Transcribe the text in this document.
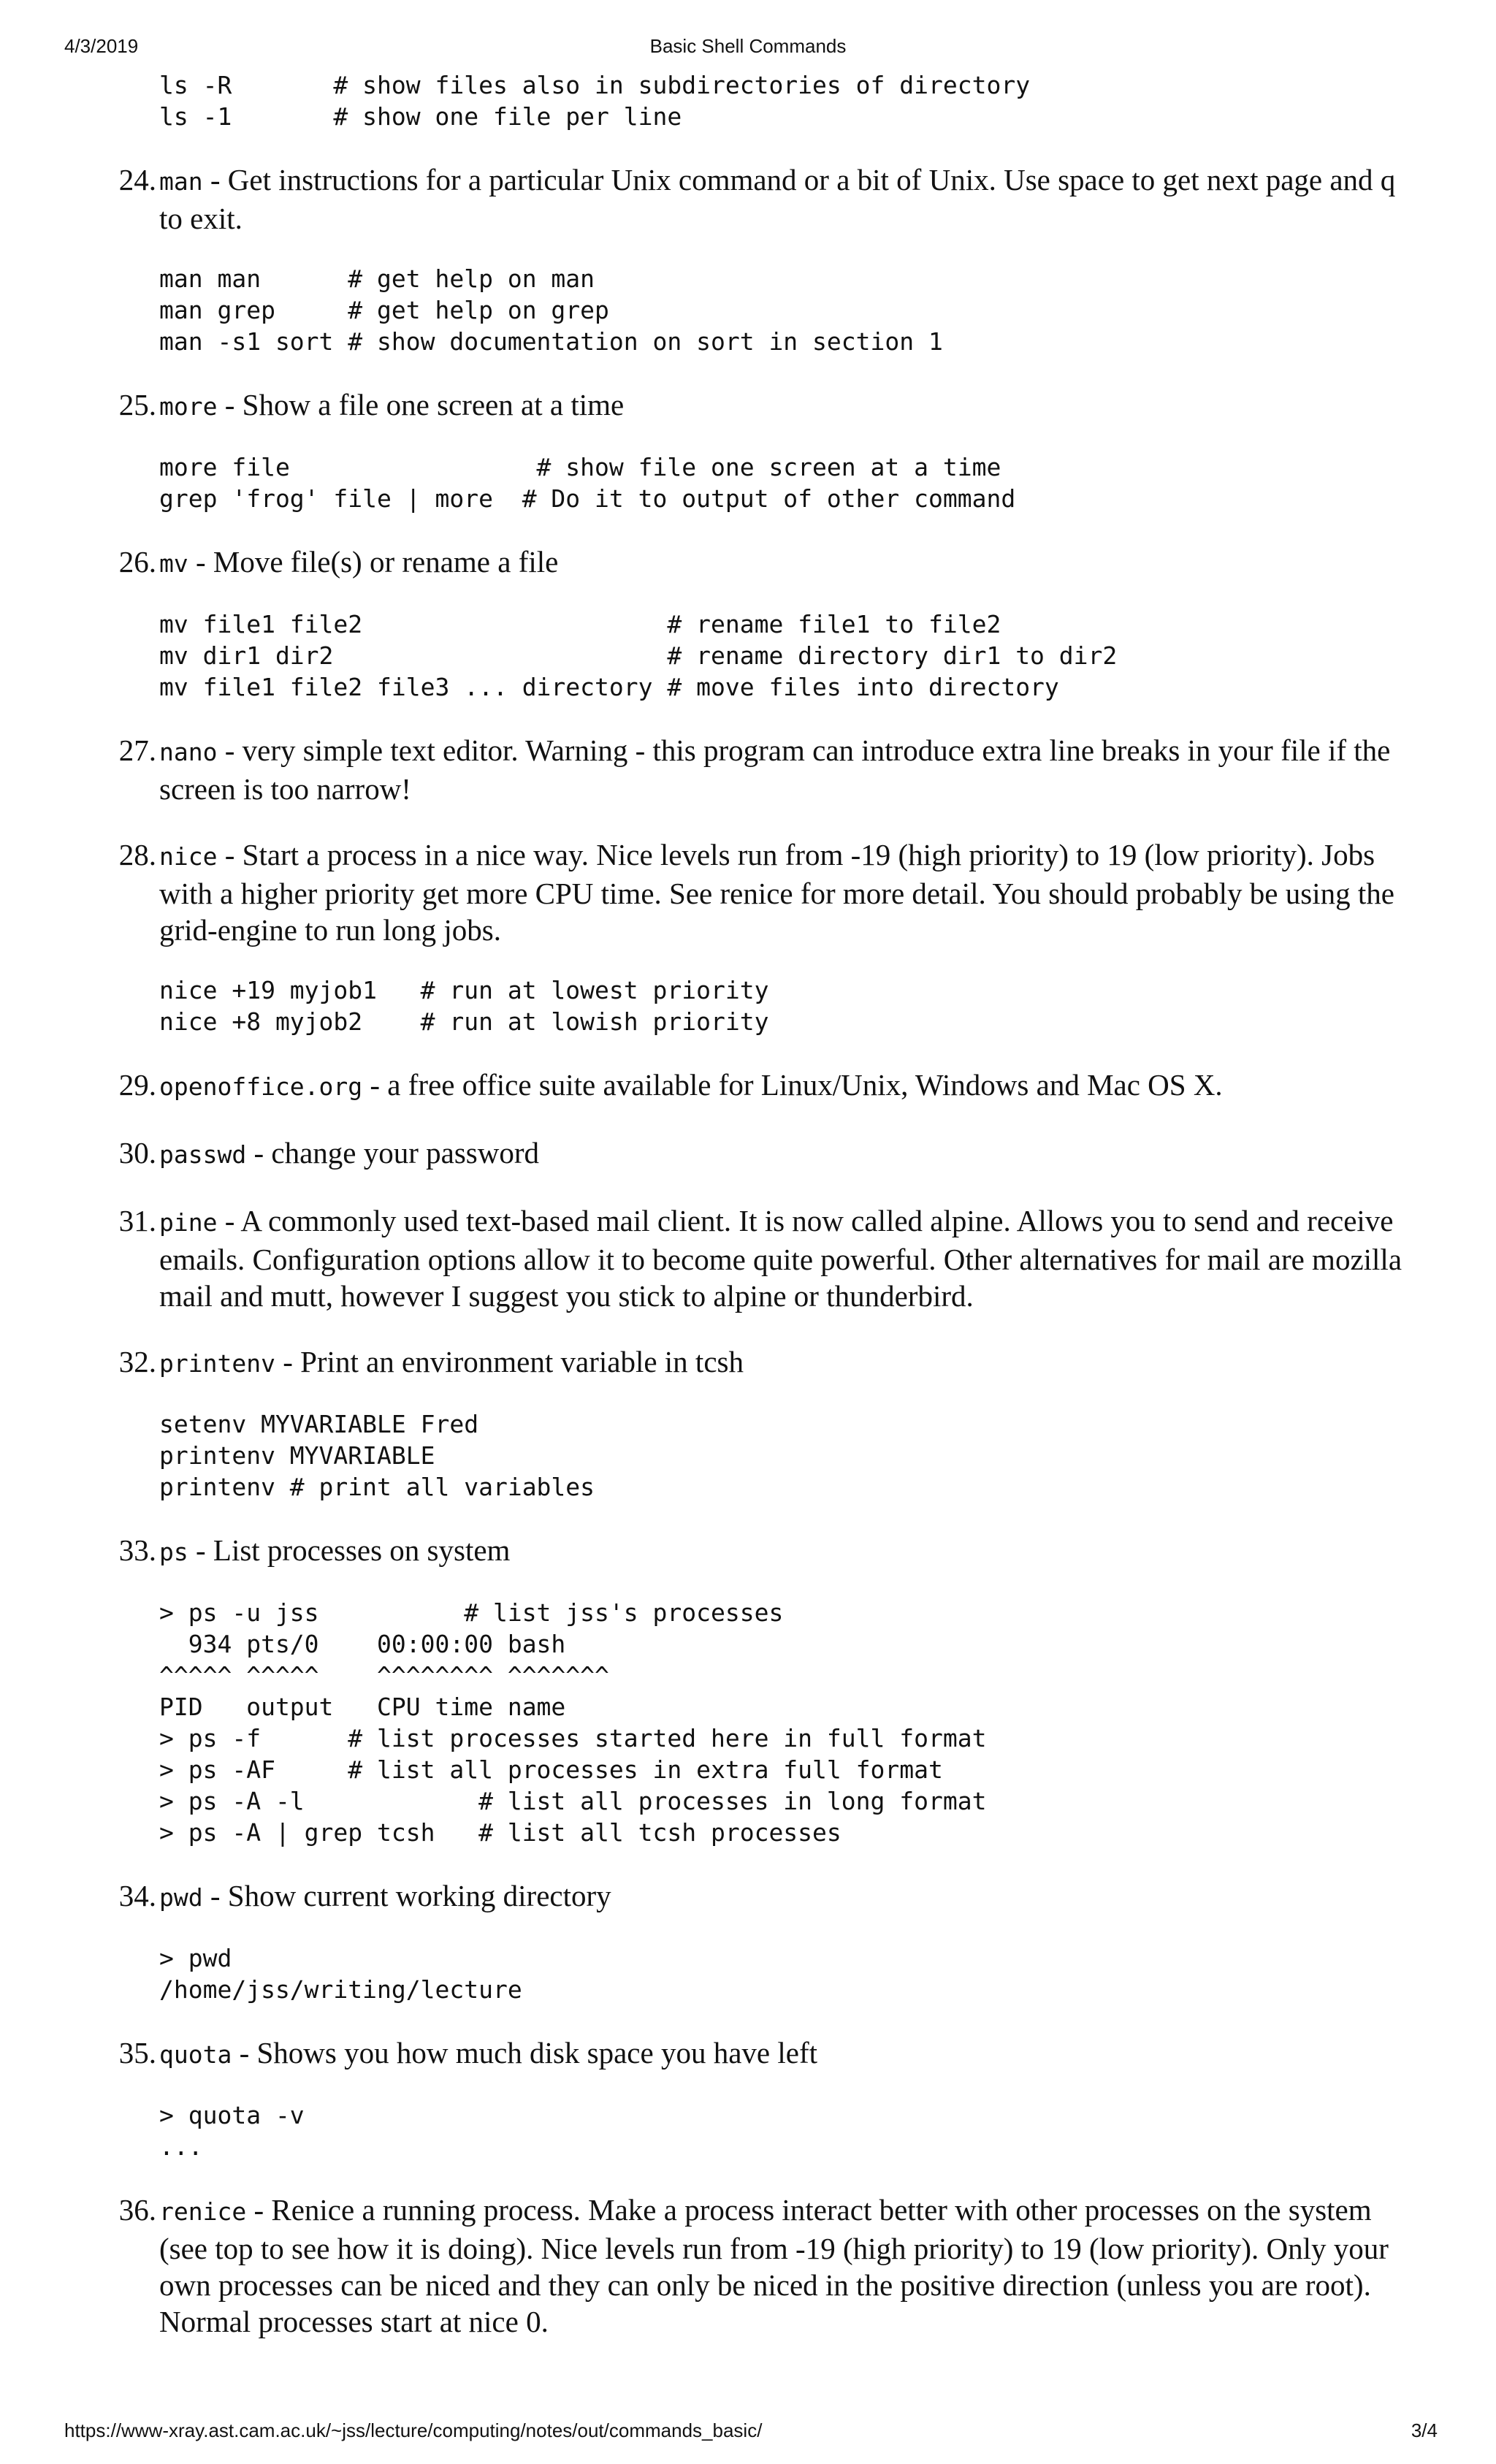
4/3/2019	Basic Shell Commands
ls -R       # show files also in subdirectories of directory
ls -1       # show one file per line
24. man - Get instructions for a particular Unix command or a bit of Unix. Use space to get next page and q to exit.
man man      # get help on man
man grep     # get help on grep
man -s1 sort # show documentation on sort in section 1
25. more - Show a file one screen at a time
more file                 # show file one screen at a time
grep 'frog' file | more  # Do it to output of other command
26. mv - Move file(s) or rename a file
mv file1 file2                     # rename file1 to file2
mv dir1 dir2                       # rename directory dir1 to dir2
mv file1 file2 file3 ... directory # move files into directory
27. nano - very simple text editor. Warning - this program can introduce extra line breaks in your file if the screen is too narrow!
28. nice - Start a process in a nice way. Nice levels run from -19 (high priority) to 19 (low priority). Jobs with a higher priority get more CPU time. See renice for more detail. You should probably be using the grid-engine to run long jobs.
nice +19 myjob1   # run at lowest priority
nice +8 myjob2    # run at lowish priority
29. openoffice.org - a free office suite available for Linux/Unix, Windows and Mac OS X.
30. passwd - change your password
31. pine - A commonly used text-based mail client. It is now called alpine. Allows you to send and receive emails. Configuration options allow it to become quite powerful. Other alternatives for mail are mozilla mail and mutt, however I suggest you stick to alpine or thunderbird.
32. printenv - Print an environment variable in tcsh
setenv MYVARIABLE Fred
printenv MYVARIABLE
printenv # print all variables
33. ps - List processes on system
> ps -u jss          # list jss's processes
934 pts/0    00:00:00 bash
^^^^^ ^^^^^    ^^^^^^^^ ^^^^^^^
PID   output   CPU time name
> ps -f      # list processes started here in full format
> ps -AF     # list all processes in extra full format
> ps -A -l            # list all processes in long format
> ps -A | grep tcsh   # list all tcsh processes
34. pwd - Show current working directory
> pwd
/home/jss/writing/lecture
35. quota - Shows you how much disk space you have left
> quota -v
...
36. renice - Renice a running process. Make a process interact better with other processes on the system (see top to see how it is doing). Nice levels run from -19 (high priority) to 19 (low priority). Only your own processes can be niced and they can only be niced in the positive direction (unless you are root). Normal processes start at nice 0.
https://www-xray.ast.cam.ac.uk/~jss/lecture/computing/notes/out/commands_basic/	3/4
